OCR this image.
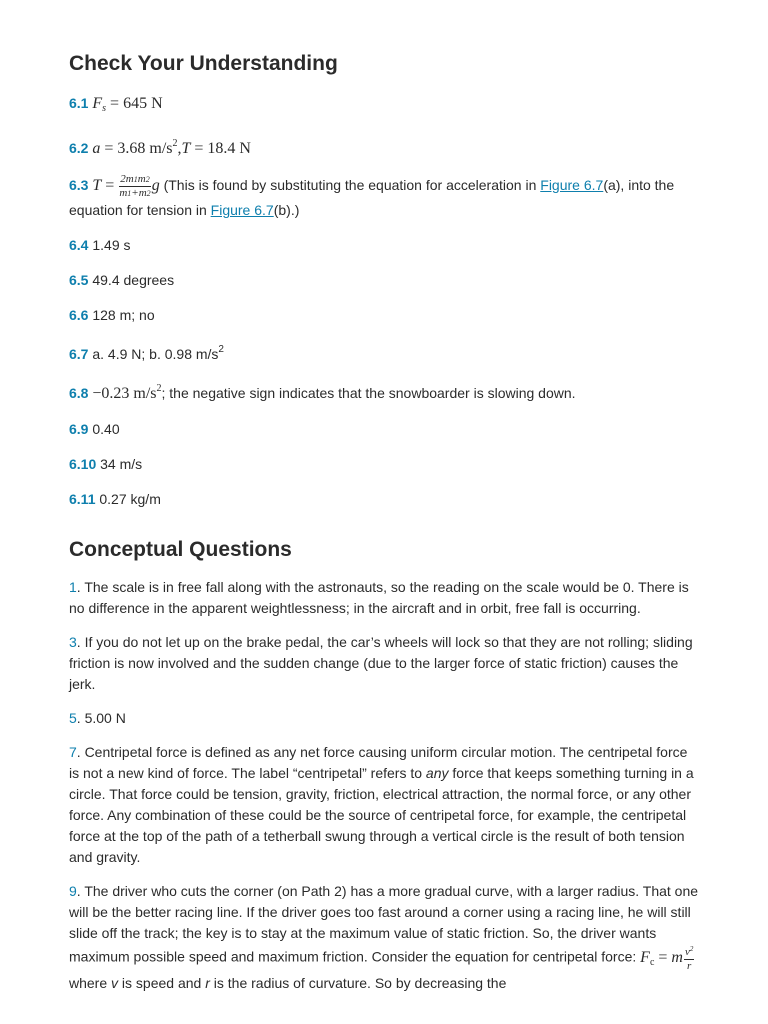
Check Your Understanding

6.1 $F_s = 645$ N

6.2 a = 3.68 $m/s^2,T = 18.4$ N

6.3 $T = \frac{2m1m2}{m1+m2}$ g (This is found by substituting the equation for acceleration in Figure 6.7(a), into the equation for tension in Figure 6.7(b).)

6.4 1.49 s

6.5 49.4 degrees

6.6 128 m; no

6.7 a. 4.9 N; b. 0.98 $m/s^2$

6.8 −0.23 $m/s^2$; the negative sign indicates that the snowboarder is slowing down.

6.9 0.40

6.10 34 m/s

6.11 0.27 kg/m

Conceptual Questions

1. The scale is in free fall along with the astronauts, so the reading on the scale would be 0. There is no difference in the apparent weightlessness; in the aircraft and in orbit, free fall is occurring.

3. If you do not let up on the brake pedal, the car’s wheels will lock so that they are not rolling; sliding friction is now involved and the sudden change (due to the larger force of static friction) causes the jerk.

5. 5.00 N

7. Centripetal force is defined as any net force causing uniform circular motion. The centripetal force is not a new kind of force. The label “centripetal” refers to any force that keeps something turning in a circle. That force could be tension, gravity, friction, electrical attraction, the normal force, or any other force. Any combination of these could be the source of centripetal force, for example, the centripetal force at the top of the path of a tetherball swung through a vertical circle is the result of both tension and gravity.

9. The driver who cuts the corner (on Path 2) has a more gradual curve, with a larger radius. That one will be the better racing line. If the driver goes too fast around a corner using a racing line, he will still slide off the track; the key is to stay at the maximum value of static friction. So, the driver wants maximum possible speed and maximum friction. Consider the equation for centripetal force: $F_c = m \frac{v^2}{r}$
where v is speed and r is the radius of curvature. So by decreasing the
